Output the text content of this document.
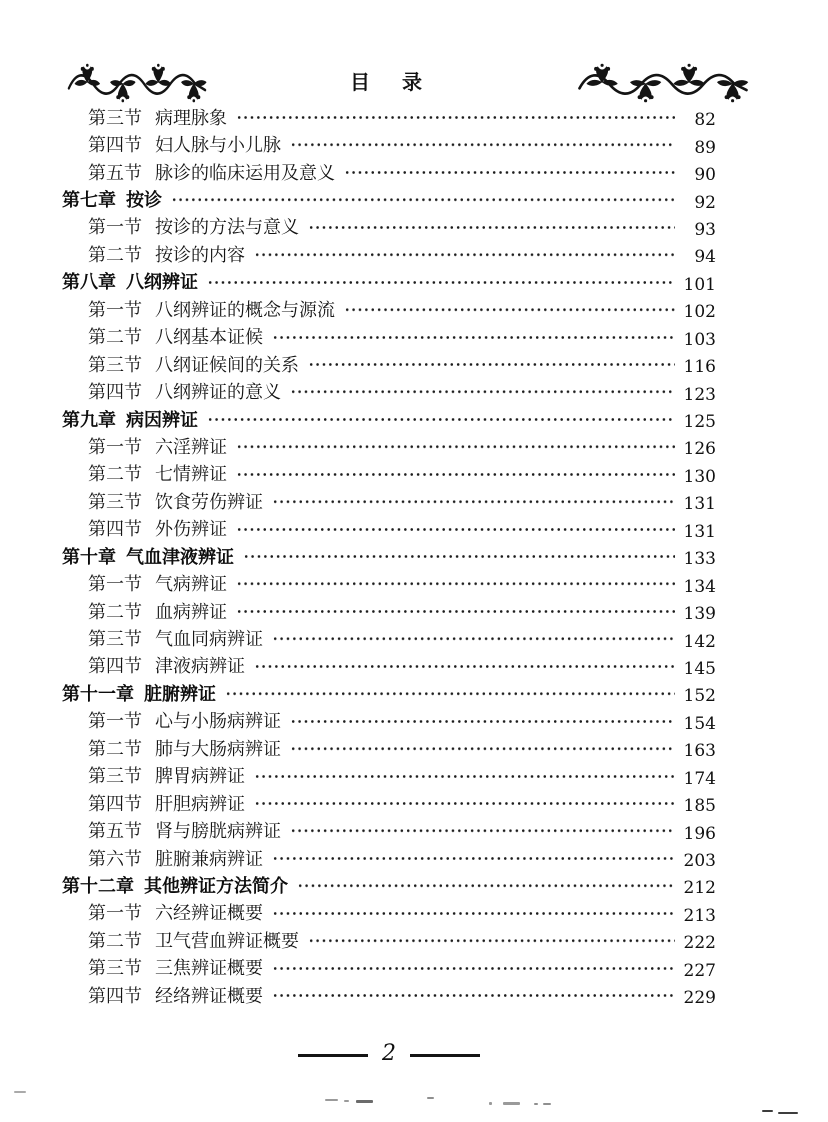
目　录
第三节 病理脉象	82
第四节 妇人脉与小儿脉	89
第五节 脉诊的临床运用及意义	90
第七章 按诊	92
第一节 按诊的方法与意义	93
第二节 按诊的内容	94
第八章 八纲辨证	101
第一节 八纲辨证的概念与源流	102
第二节 八纲基本证候	103
第三节 八纲证候间的关系	116
第四节 八纲辨证的意义	123
第九章 病因辨证	125
第一节 六淫辨证	126
第二节 七情辨证	130
第三节 饮食劳伤辨证	131
第四节 外伤辨证	131
第十章 气血津液辨证	133
第一节 气病辨证	134
第二节 血病辨证	139
第三节 气血同病辨证	142
第四节 津液病辨证	145
第十一章 脏腑辨证	152
第一节 心与小肠病辨证	154
第二节 肺与大肠病辨证	163
第三节 脾胃病辨证	174
第四节 肝胆病辨证	185
第五节 肾与膀胱病辨证	196
第六节 脏腑兼病辨证	203
第十二章 其他辨证方法简介	212
第一节 六经辨证概要	213
第二节 卫气营血辨证概要	222
第三节 三焦辨证概要	227
第四节 经络辨证概要	229
2
